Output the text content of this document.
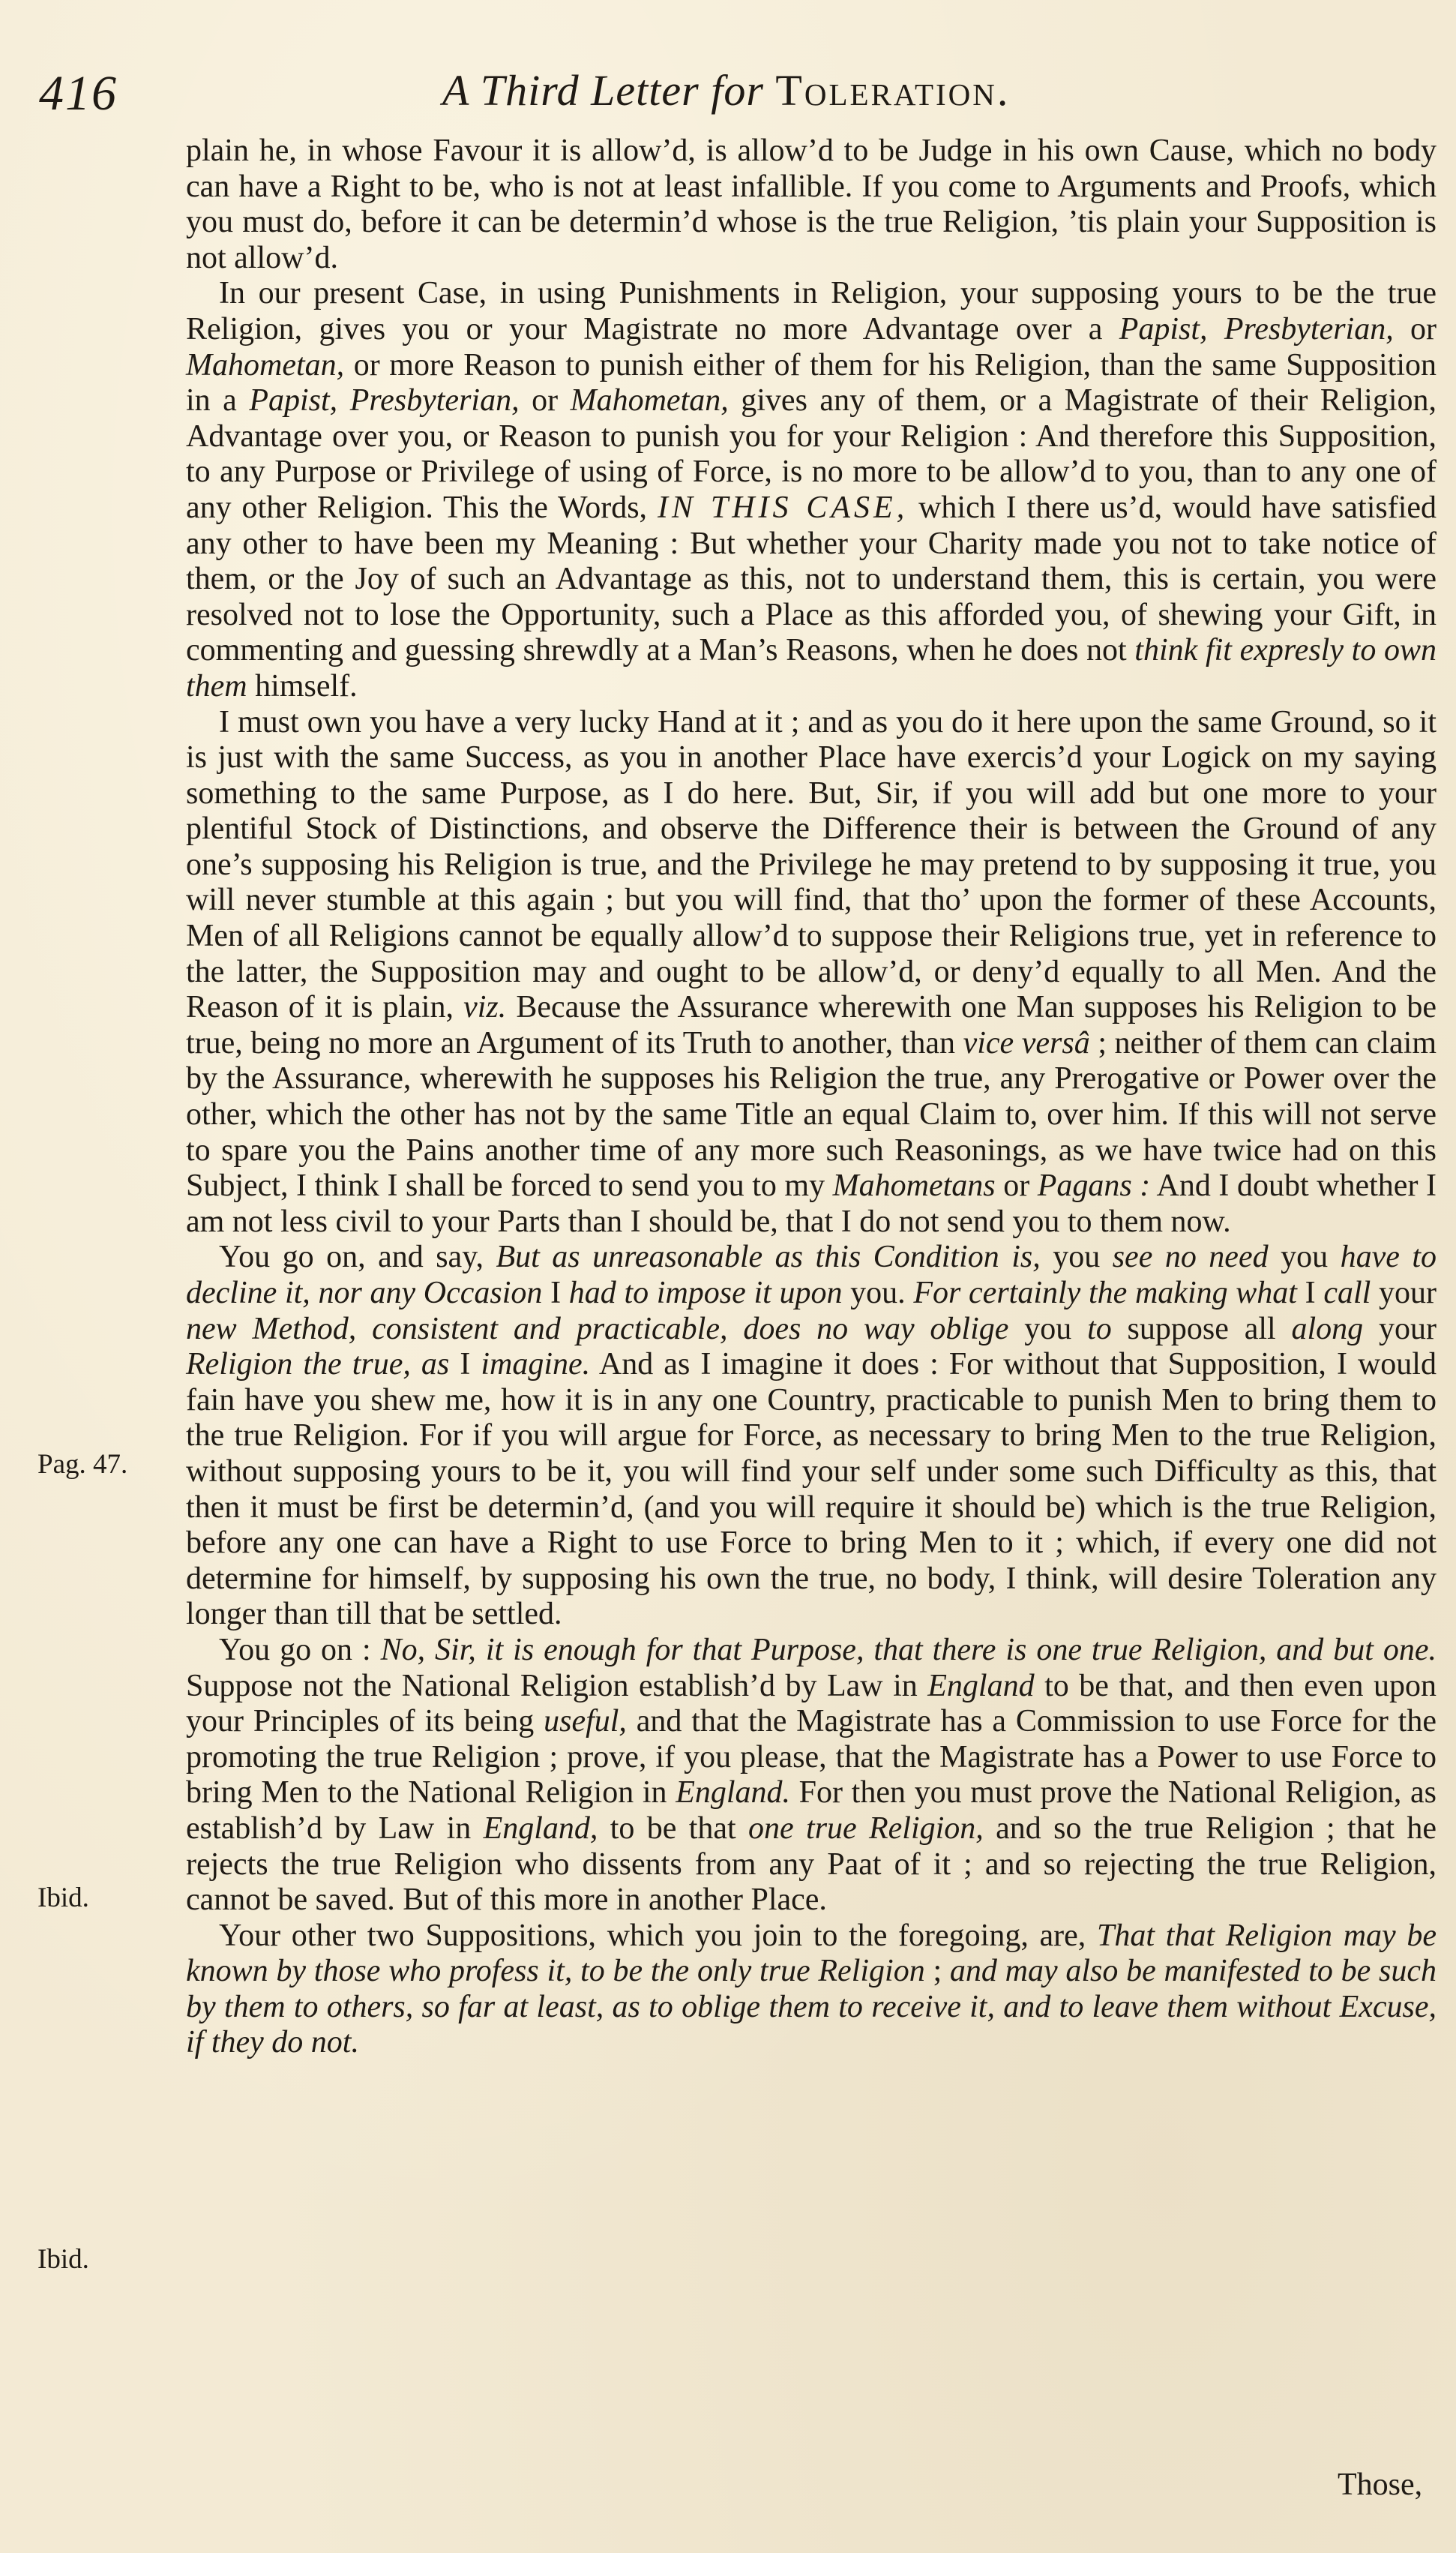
416	A Third Letter for Toleration.
Pag. 47.
Ibid.
Ibid.

plain he, in whose Favour it is allow’d, is allow’d to be Judge in his own Cause, which no body can have a Right to be, who is not at least infallible. If you come to Arguments and Proofs, which you must do, before it can be determin’d whose is the true Religion, ’tis plain your Supposition is not allow’d.

In our present Case, in using Punishments in Religion, your supposing yours to be the true Religion, gives you or your Magistrate no more Advantage over a Papist, Presbyterian, or Mahometan, or more Reason to punish either of them for his Religion, than the same Supposition in a Papist, Presbyterian, or Mahometan, gives any of them, or a Magistrate of their Religion, Advantage over you, or Reason to punish you for your Religion : And therefore this Supposition, to any Purpose or Privilege of using of Force, is no more to be allow’d to you, than to any one of any other Religion. This the Words, IN THIS CASE, which I there us’d, would have satisfied any other to have been my Meaning : But whether your Charity made you not to take notice of them, or the Joy of such an Advantage as this, not to understand them, this is certain, you were resolved not to lose the Opportunity, such a Place as this afforded you, of shewing your Gift, in commenting and guessing shrewdly at a Man’s Reasons, when he does not think fit expresly to own them himself.

I must own you have a very lucky Hand at it ; and as you do it here upon the same Ground, so it is just with the same Success, as you in another Place have exercis’d your Logick on my saying something to the same Purpose, as I do here. But, Sir, if you will add but one more to your plentiful Stock of Distinctions, and observe the Difference their is between the Ground of any one’s supposing his Religion is true, and the Privilege he may pretend to by supposing it true, you will never stumble at this again ; but you will find, that tho’ upon the former of these Accounts, Men of all Religions cannot be equally allow’d to suppose their Religions true, yet in reference to the latter, the Supposition may and ought to be allow’d, or deny’d equally to all Men. And the Reason of it is plain, viz. Because the Assurance wherewith one Man supposes his Religion to be true, being no more an Argument of its Truth to another, than vice versâ ; neither of them can claim by the Assurance, wherewith he supposes his Religion the true, any Prerogative or Power over the other, which the other has not by the same Title an equal Claim to, over him. If this will not serve to spare you the Pains another time of any more such Reasonings, as we have twice had on this Subject, I think I shall be forced to send you to my Mahometans or Pagans : And I doubt whether I am not less civil to your Parts than I should be, that I do not send you to them now.

You go on, and say, But as unreasonable as this Condition is, you see no need you have to decline it, nor any Occasion I had to impose it upon you. For certainly the making what I call your new Method, consistent and practicable, does no way oblige you to suppose all along your Religion the true, as I imagine. And as I imagine it does : For without that Supposition, I would fain have you shew me, how it is in any one Country, practicable to punish Men to bring them to the true Religion. For if you will argue for Force, as necessary to bring Men to the true Religion, without supposing yours to be it, you will find your self under some such Difficulty as this, that then it must be first be determin’d, (and you will require it should be) which is the true Religion, before any one can have a Right to use Force to bring Men to it ; which, if every one did not determine for himself, by supposing his own the true, no body, I think, will desire Toleration any longer than till that be settled.

You go on : No, Sir, it is enough for that Purpose, that there is one true Religion, and but one. Suppose not the National Religion establish’d by Law in England to be that, and then even upon your Principles of its being useful, and that the Magistrate has a Commission to use Force for the promoting the true Religion ; prove, if you please, that the Magistrate has a Power to use Force to bring Men to the National Religion in England. For then you must prove the National Religion, as establish’d by Law in England, to be that one true Religion, and so the true Religion ; that he rejects the true Religion who dissents from any Paat of it ; and so rejecting the true Religion, cannot be saved. But of this more in another Place.

Your other two Suppositions, which you join to the foregoing, are, That that Religion may be known by those who profess it, to be the only true Religion ; and may also be manifested to be such by them to others, so far at least, as to oblige them to receive it, and to leave them without Excuse, if they do not.

Those,
